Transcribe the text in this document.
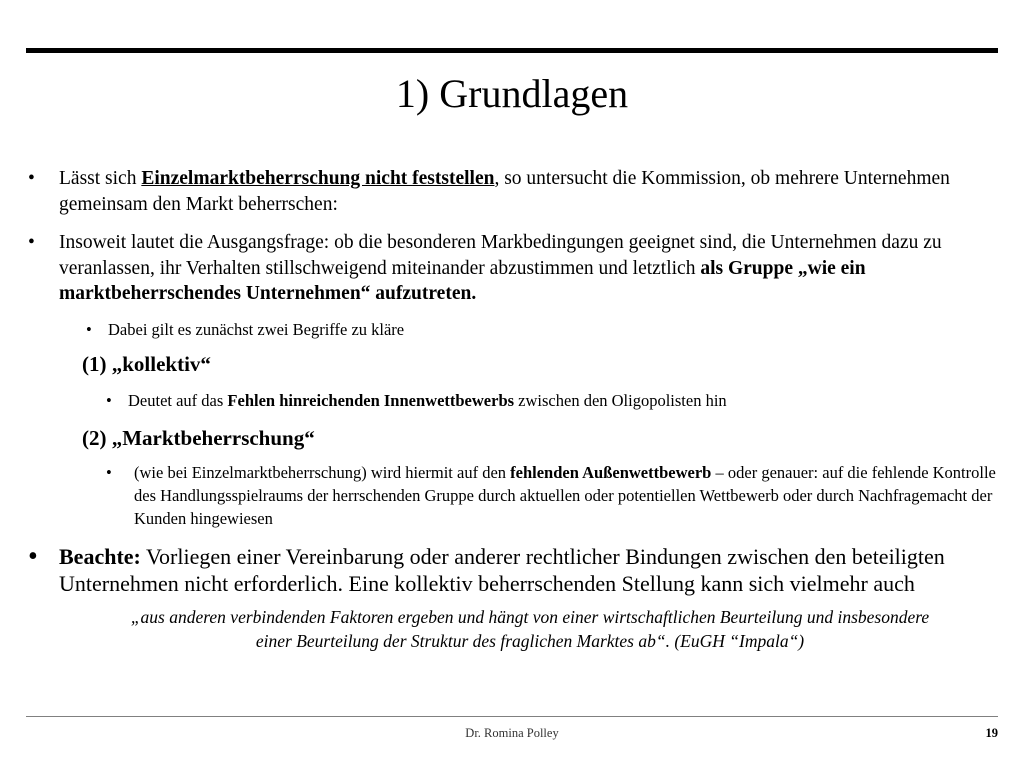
1) Grundlagen
• Lässt sich Einzelmarktbeherrschung nicht feststellen, so untersucht die Kommission, ob mehrere Unternehmen gemeinsam den Markt beherrschen:
• Insoweit lautet die Ausgangsfrage: ob die besonderen Markbedingungen geeignet sind, die Unternehmen dazu zu veranlassen, ihr Verhalten stillschweigend miteinander abzustimmen und letztlich als Gruppe „wie ein marktbeherrschendes Unternehmen“ aufzutreten.
• Dabei gilt es zunächst zwei Begriffe zu kläre
(1) „kollektiv“
• Deutet auf das Fehlen hinreichenden Innenwettbewerbs zwischen den Oligopolisten hin
(2) „Marktbeherrschung“
• (wie bei Einzelmarktbeherrschung) wird hiermit auf den fehlenden Außenwettbewerb – oder genauer: auf die fehlende Kontrolle des Handlungsspielraums der herrschenden Gruppe durch aktuellen oder potentiellen Wettbewerb oder durch Nachfragemacht der Kunden hingewiesen
• Beachte: Vorliegen einer Vereinbarung oder anderer rechtlicher Bindungen zwischen den beteiligten Unternehmen nicht erforderlich. Eine kollektiv beherrschenden Stellung kann sich vielmehr auch
„aus anderen verbindenden Faktoren ergeben und hängt von einer wirtschaftlichen Beurteilung und insbesondere
einer Beurteilung der Struktur des fraglichen Marktes ab“. (EuGH “Impala“)
Dr. Romina Polley	19
